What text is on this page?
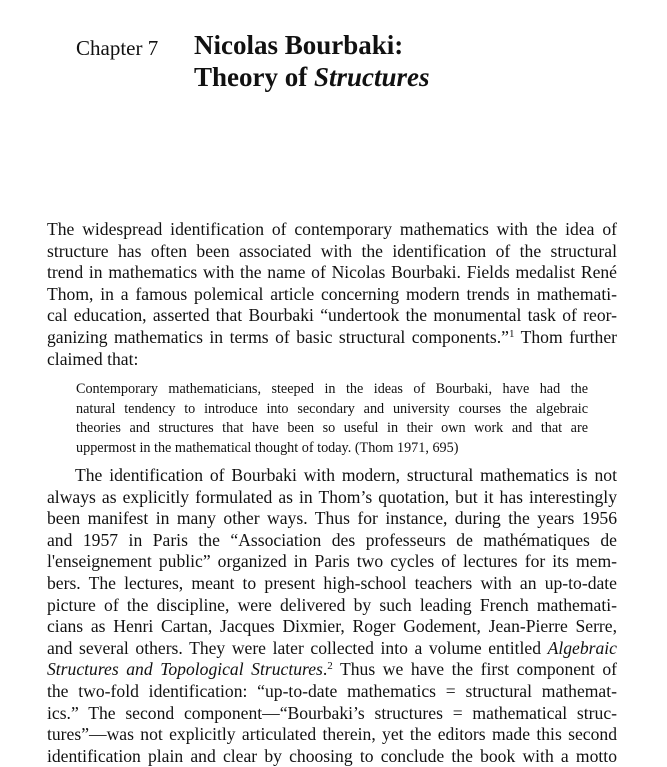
Chapter 7 Nicolas Bourbaki:
Theory of Structures
The widespread identification of contemporary mathematics with the idea of
structure has often been associated with the identification of the structural
trend in mathematics with the name of Nicolas Bourbaki. Fields medalist René
Thom, in a famous polemical article concerning modern trends in mathemati-
cal education, asserted that Bourbaki “undertook the monumental task of reor-
ganizing mathematics in terms of basic structural components.”$^1$ Thom further
claimed that:
Contemporary mathematicians, steeped in the ideas of Bourbaki, have had the
natural tendency to introduce into secondary and university courses the algebraic
theories and structures that have been so useful in their own work and that are
uppermost in the mathematical thought of today. (Thom 1971, 695)
The identification of Bourbaki with modern, structural mathematics is not
always as explicitly formulated as in Thom’s quotation, but it has interestingly
been manifest in many other ways. Thus for instance, during the years 1956
and 1957 in Paris the “Association des professeurs de mathématiques de
l'enseignement public” organized in Paris two cycles of lectures for its mem-
bers. The lectures, meant to present high-school teachers with an up-to-date
picture of the discipline, were delivered by such leading French mathemati-
cians as Henri Cartan, Jacques Dixmier, Roger Godement, Jean-Pierre Serre,
and several others. They were later collected into a volume entitled Algebraic
Structures and Topological Structures.$^2$ Thus we have the first component of
the two-fold identification: “up-to-date mathematics = structural mathemat-
ics.” The second component—“Bourbaki’s structures = mathematical struc-
tures”—was not explicitly articulated therein, yet the editors made this second
identification plain and clear by choosing to conclude the book with a motto
